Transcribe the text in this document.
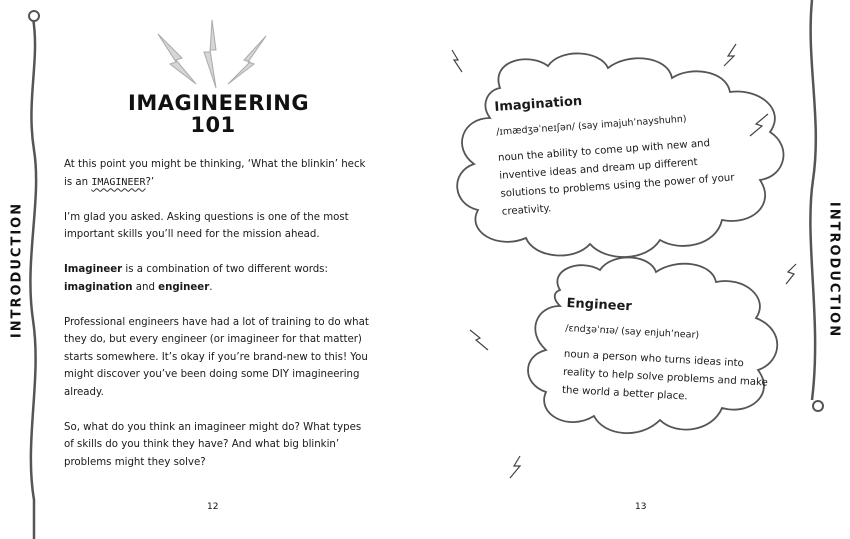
INTRODUCTION
IMAGINEERING
101

At this point you might be thinking, ‘What the blinkin’ heck is an IMAGINEER?’

I’m glad you asked. Asking questions is one of the most important skills you’ll need for the mission ahead.

Imagineer is a combination of two different words: imagination and engineer.

Professional engineers have had a lot of training to do what they do, but every engineer (or imagineer for that matter) starts somewhere. It’s okay if you’re brand-new to this! You might discover you’ve been doing some DIY imagineering already.

So, what do you think an imagineer might do? What types of skills do you think they have? And what big blinkin’ problems might they solve?

12
INTRODUCTION
13

Imagination

/ɪmædʒəˈneɪʃən/ (say imajuh’nayshuhn)

noun the ability to come up with new and inventive ideas and dream up different solutions to problems using the power of your creativity.

Engineer

/ɛndʒəˈnɪə/ (say enjuh’near)

noun a person who turns ideas into reality to help solve problems and make the world a better place.
